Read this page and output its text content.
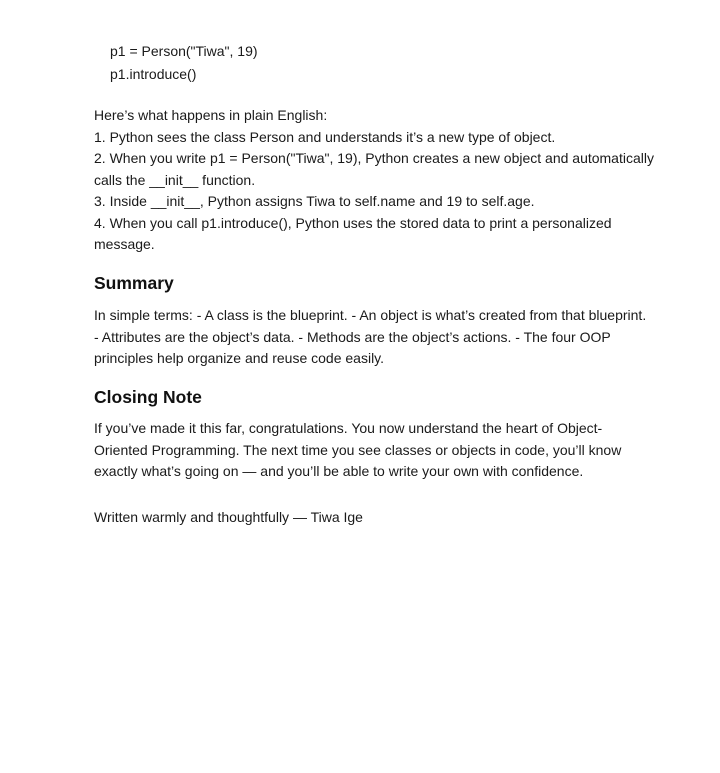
p1 = Person("Tiwa", 19)
p1.introduce()
Here’s what happens in plain English:
1. Python sees the class Person and understands it’s a new type of object.
2. When you write p1 = Person("Tiwa", 19), Python creates a new object and automatically calls the __init__ function.
3. Inside __init__, Python assigns Tiwa to self.name and 19 to self.age.
4. When you call p1.introduce(), Python uses the stored data to print a personalized message.
Summary
In simple terms: - A class is the blueprint. - An object is what’s created from that blueprint. - Attributes are the object’s data. - Methods are the object’s actions. - The four OOP principles help organize and reuse code easily.
Closing Note
If you’ve made it this far, congratulations. You now understand the heart of Object-Oriented Programming. The next time you see classes or objects in code, you’ll know exactly what’s going on — and you’ll be able to write your own with confidence.
Written warmly and thoughtfully — Tiwa Ige
